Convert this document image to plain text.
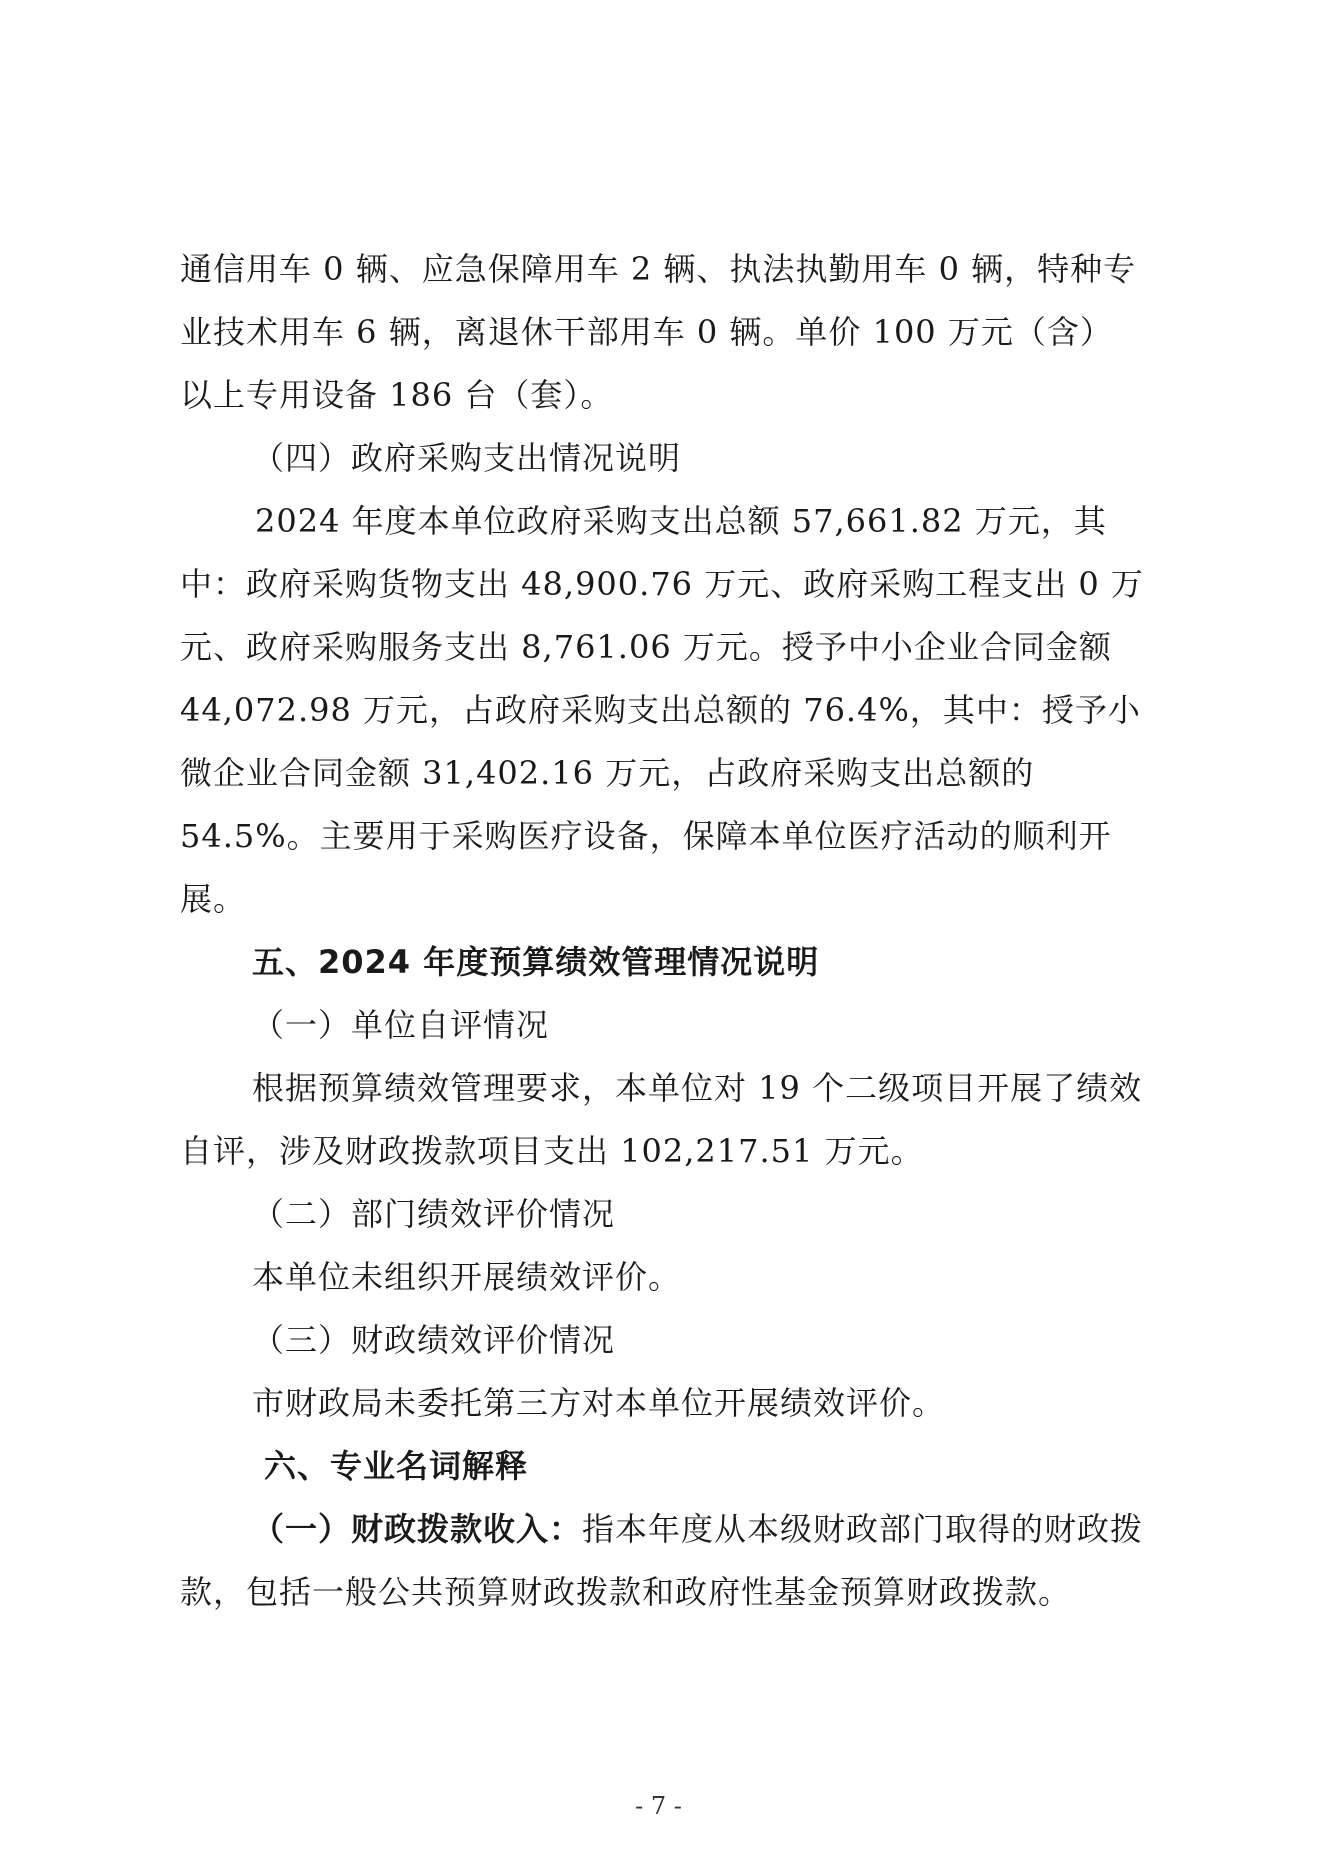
通信用车 0 辆、应急保障用车 2 辆、执法执勤用车 0 辆，特种专业技术用车 6 辆，离退休干部用车 0 辆。单价 100 万元（含）以上专用设备 186 台（套）。

（四）政府采购支出情况说明

2024 年度本单位政府采购支出总额 57,661.82 万元，其中：政府采购货物支出 48,900.76 万元、政府采购工程支出 0 万元、政府采购服务支出 8,761.06 万元。授予中小企业合同金额 44,072.98 万元，占政府采购支出总额的 76.4%，其中：授予小微企业合同金额 31,402.16 万元，占政府采购支出总额的 54.5%。主要用于采购医疗设备，保障本单位医疗活动的顺利开展。

五、2024 年度预算绩效管理情况说明

（一）单位自评情况

根据预算绩效管理要求，本单位对 19 个二级项目开展了绩效自评，涉及财政拨款项目支出 102,217.51 万元。

（二）部门绩效评价情况

本单位未组织开展绩效评价。

（三）财政绩效评价情况

市财政局未委托第三方对本单位开展绩效评价。

六、专业名词解释

（一）财政拨款收入：指本年度从本级财政部门取得的财政拨款，包括一般公共预算财政拨款和政府性基金预算财政拨款。

- 7 -
